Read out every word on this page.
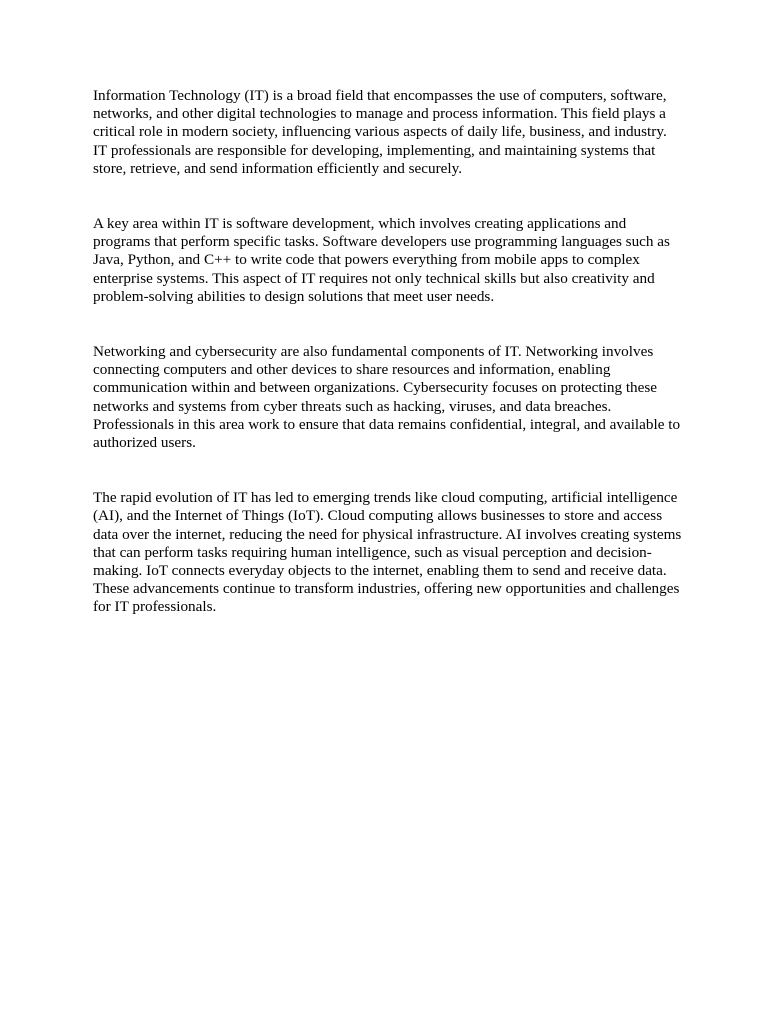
Information Technology (IT) is a broad field that encompasses the use of computers, software, networks, and other digital technologies to manage and process information. This field plays a critical role in modern society, influencing various aspects of daily life, business, and industry. IT professionals are responsible for developing, implementing, and maintaining systems that store, retrieve, and send information efficiently and securely.

A key area within IT is software development, which involves creating applications and programs that perform specific tasks. Software developers use programming languages such as Java, Python, and C++ to write code that powers everything from mobile apps to complex enterprise systems. This aspect of IT requires not only technical skills but also creativity and problem-solving abilities to design solutions that meet user needs.

Networking and cybersecurity are also fundamental components of IT. Networking involves connecting computers and other devices to share resources and information, enabling communication within and between organizations. Cybersecurity focuses on protecting these networks and systems from cyber threats such as hacking, viruses, and data breaches. Professionals in this area work to ensure that data remains confidential, integral, and available to authorized users.

The rapid evolution of IT has led to emerging trends like cloud computing, artificial intelligence (AI), and the Internet of Things (IoT). Cloud computing allows businesses to store and access data over the internet, reducing the need for physical infrastructure. AI involves creating systems that can perform tasks requiring human intelligence, such as visual perception and decision-making. IoT connects everyday objects to the internet, enabling them to send and receive data. These advancements continue to transform industries, offering new opportunities and challenges for IT professionals.
